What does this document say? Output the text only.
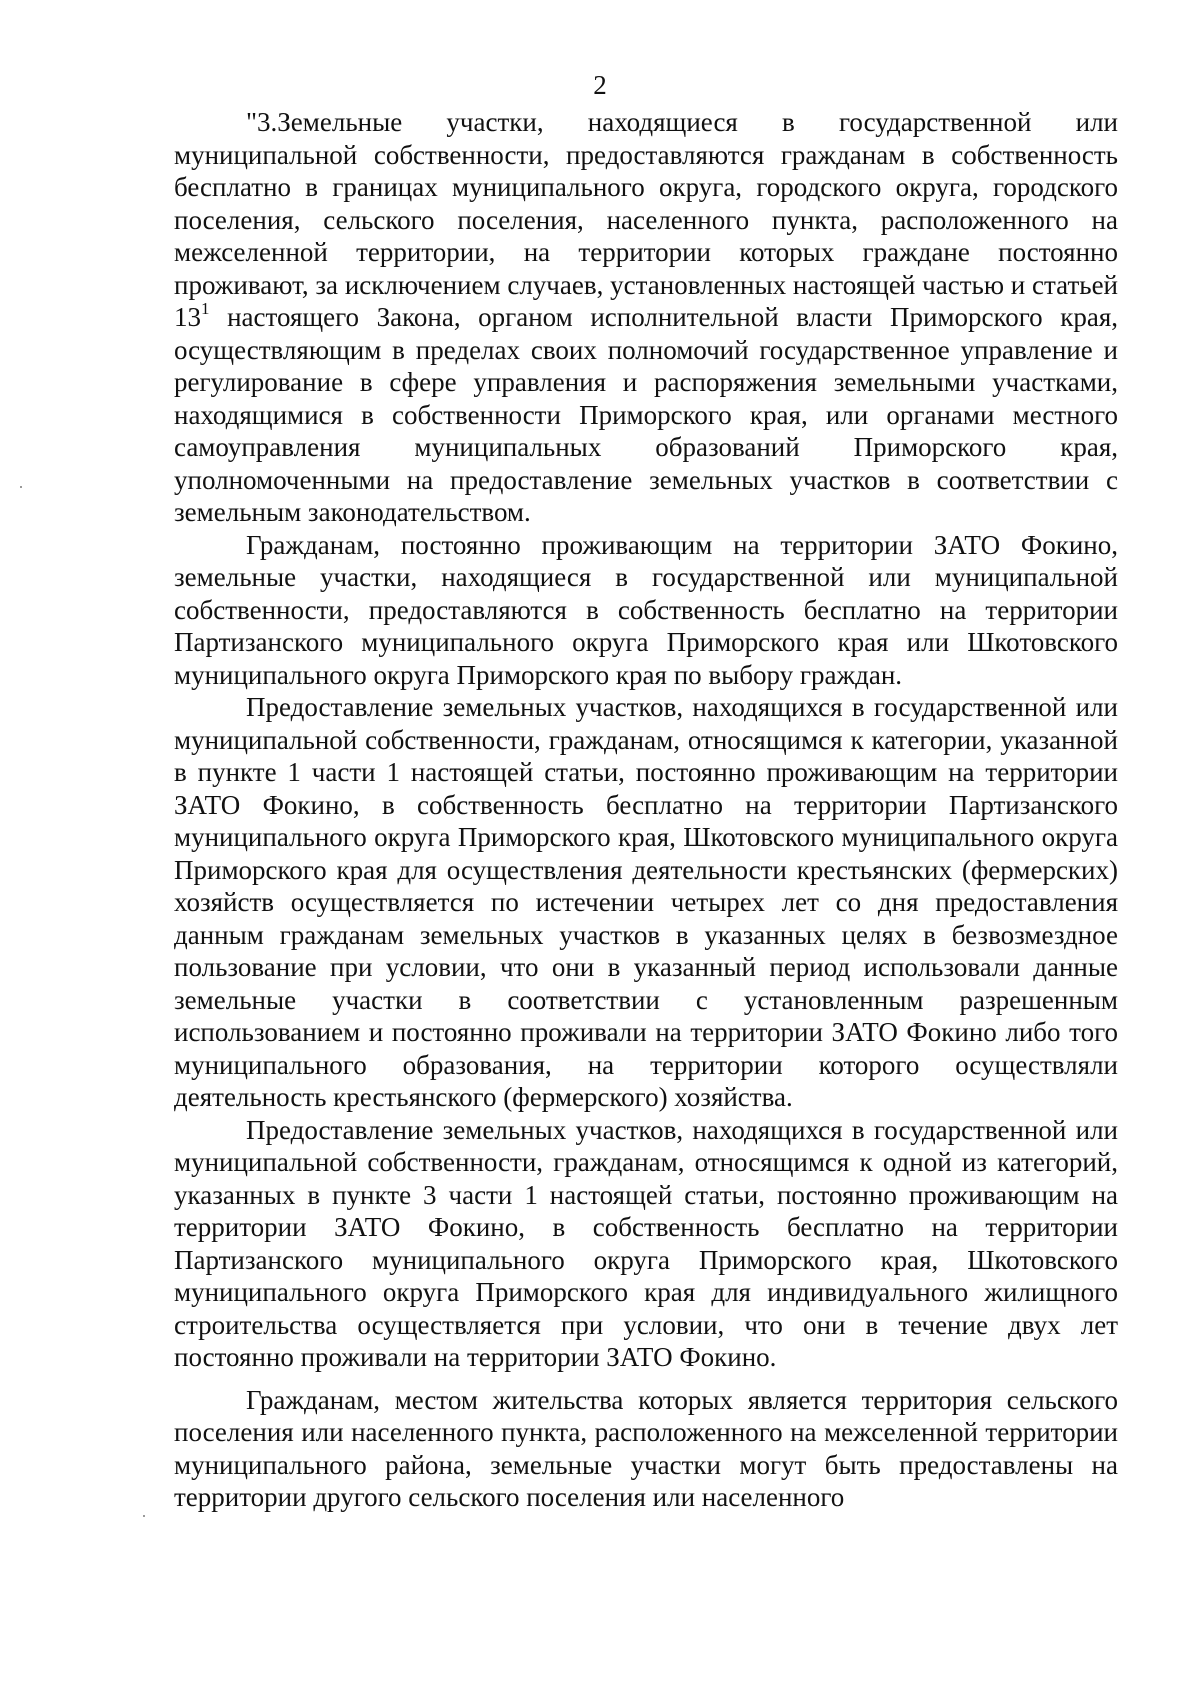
2

"3.Земельные участки, находящиеся в государственной или муниципальной собственности, предоставляются гражданам в собственность бесплатно в границах муниципального округа, городского округа, городского поселения, сельского поселения, населенного пункта, расположенного на межселенной территории, на территории которых граждане постоянно проживают, за исключением случаев, установленных настоящей частью и статьей $13^1$ настоящего Закона, органом исполнительной власти Приморского края, осуществляющим в пределах своих полномочий государственное управление и регулирование в сфере управления и распоряжения земельными участками, находящимися в собственности Приморского края, или органами местного самоуправления муниципальных образований Приморского края, уполномоченными на предоставление земельных участков в соответствии с земельным законодательством.

Гражданам, постоянно проживающим на территории ЗАТО Фокино, земельные участки, находящиеся в государственной или муниципальной собственности, предоставляются в собственность бесплатно на территории Партизанского муниципального округа Приморского края или Шкотовского муниципального округа Приморского края по выбору граждан.

Предоставление земельных участков, находящихся в государственной или муниципальной собственности, гражданам, относящимся к категории, указанной в пункте 1 части 1 настоящей статьи, постоянно проживающим на территории ЗАТО Фокино, в собственность бесплатно на территории Партизанского муниципального округа Приморского края, Шкотовского муниципального округа Приморского края для осуществления деятельности крестьянских (фермерских) хозяйств осуществляется по истечении четырех лет со дня предоставления данным гражданам земельных участков в указанных целях в безвозмездное пользование при условии, что они в указанный период использовали данные земельные участки в соответствии с установленным разрешенным использованием и постоянно проживали на территории ЗАТО Фокино либо того муниципального образования, на территории которого осуществляли деятельность крестьянского (фермерского) хозяйства.

Предоставление земельных участков, находящихся в государственной или муниципальной собственности, гражданам, относящимся к одной из категорий, указанных в пункте 3 части 1 настоящей статьи, постоянно проживающим на территории ЗАТО Фокино, в собственность бесплатно на территории Партизанского муниципального округа Приморского края, Шкотовского муниципального округа Приморского края для индивидуального жилищного строительства осуществляется при условии, что они в течение двух лет постоянно проживали на территории ЗАТО Фокино.

Гражданам, местом жительства которых является территория сельского поселения или населенного пункта, расположенного на межселенной территории муниципального района, земельные участки могут быть предоставлены на территории другого сельского поселения или населенного
